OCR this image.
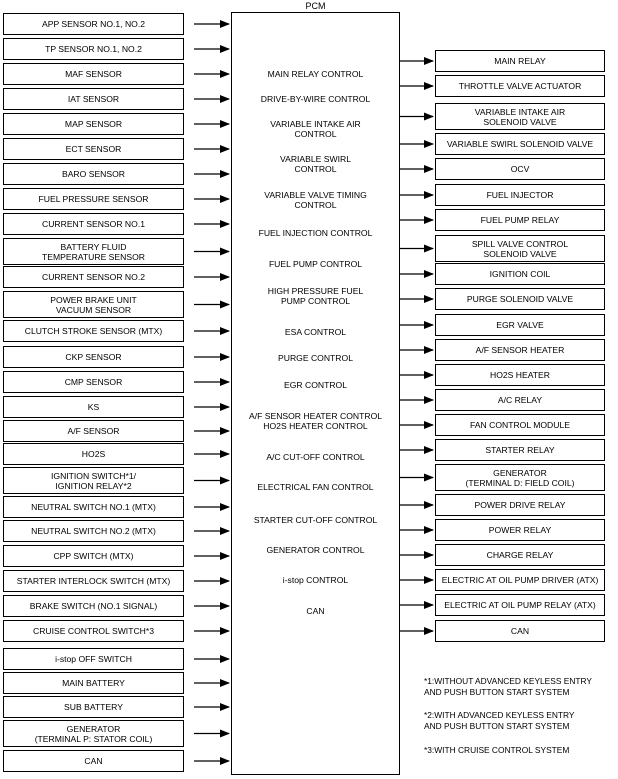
PCM
APP SENSOR NO.1, NO.2
TP SENSOR NO.1, NO.2
MAF SENSOR
IAT SENSOR
MAP SENSOR
ECT SENSOR
BARO SENSOR
FUEL PRESSURE SENSOR
CURRENT SENSOR NO.1
BATTERY FLUID
TEMPERATURE SENSOR
CURRENT SENSOR NO.2
POWER BRAKE UNIT
VACUUM SENSOR
CLUTCH STROKE SENSOR (MTX)
CKP SENSOR
CMP SENSOR
KS
A/F SENSOR
HO2S
IGNITION SWITCH*1/
IGNITION RELAY*2
NEUTRAL SWITCH NO.1 (MTX)
NEUTRAL SWITCH NO.2 (MTX)
CPP SWITCH (MTX)
STARTER INTERLOCK SWITCH (MTX)
BRAKE SWITCH (NO.1 SIGNAL)
CRUISE CONTROL SWITCH*3
i-stop OFF SWITCH
MAIN BATTERY
SUB BATTERY
GENERATOR
(TERMINAL P: STATOR COIL)
CAN
MAIN RELAY CONTROL
DRIVE-BY-WIRE CONTROL
VARIABLE INTAKE AIR
CONTROL
VARIABLE SWIRL
CONTROL
VARIABLE VALVE TIMING
CONTROL
FUEL INJECTION CONTROL
FUEL PUMP CONTROL
HIGH PRESSURE FUEL
PUMP CONTROL
ESA CONTROL
PURGE CONTROL
EGR CONTROL
A/F SENSOR HEATER CONTROL
HO2S HEATER CONTROL
A/C CUT-OFF CONTROL
ELECTRICAL FAN CONTROL
STARTER CUT-OFF CONTROL
GENERATOR CONTROL
i-stop CONTROL
CAN
MAIN RELAY
THROTTLE VALVE ACTUATOR
VARIABLE INTAKE AIR
SOLENOID VALVE
VARIABLE SWIRL SOLENOID VALVE
OCV
FUEL INJECTOR
FUEL PUMP RELAY
SPILL VALVE CONTROL
SOLENOID VALVE
IGNITION COIL
PURGE SOLENOID VALVE
EGR VALVE
A/F SENSOR HEATER
HO2S HEATER
A/C RELAY
FAN CONTROL MODULE
STARTER RELAY
GENERATOR
(TERMINAL D: FIELD COIL)
POWER DRIVE RELAY
POWER RELAY
CHARGE RELAY
ELECTRIC AT OIL PUMP DRIVER (ATX)
ELECTRIC AT OIL PUMP RELAY (ATX)
CAN
*1:WITHOUT ADVANCED KEYLESS ENTRY
AND PUSH BUTTON START SYSTEM
*2:WITH ADVANCED KEYLESS ENTRY
AND PUSH BUTTON START SYSTEM
*3:WITH CRUISE CONTROL SYSTEM
